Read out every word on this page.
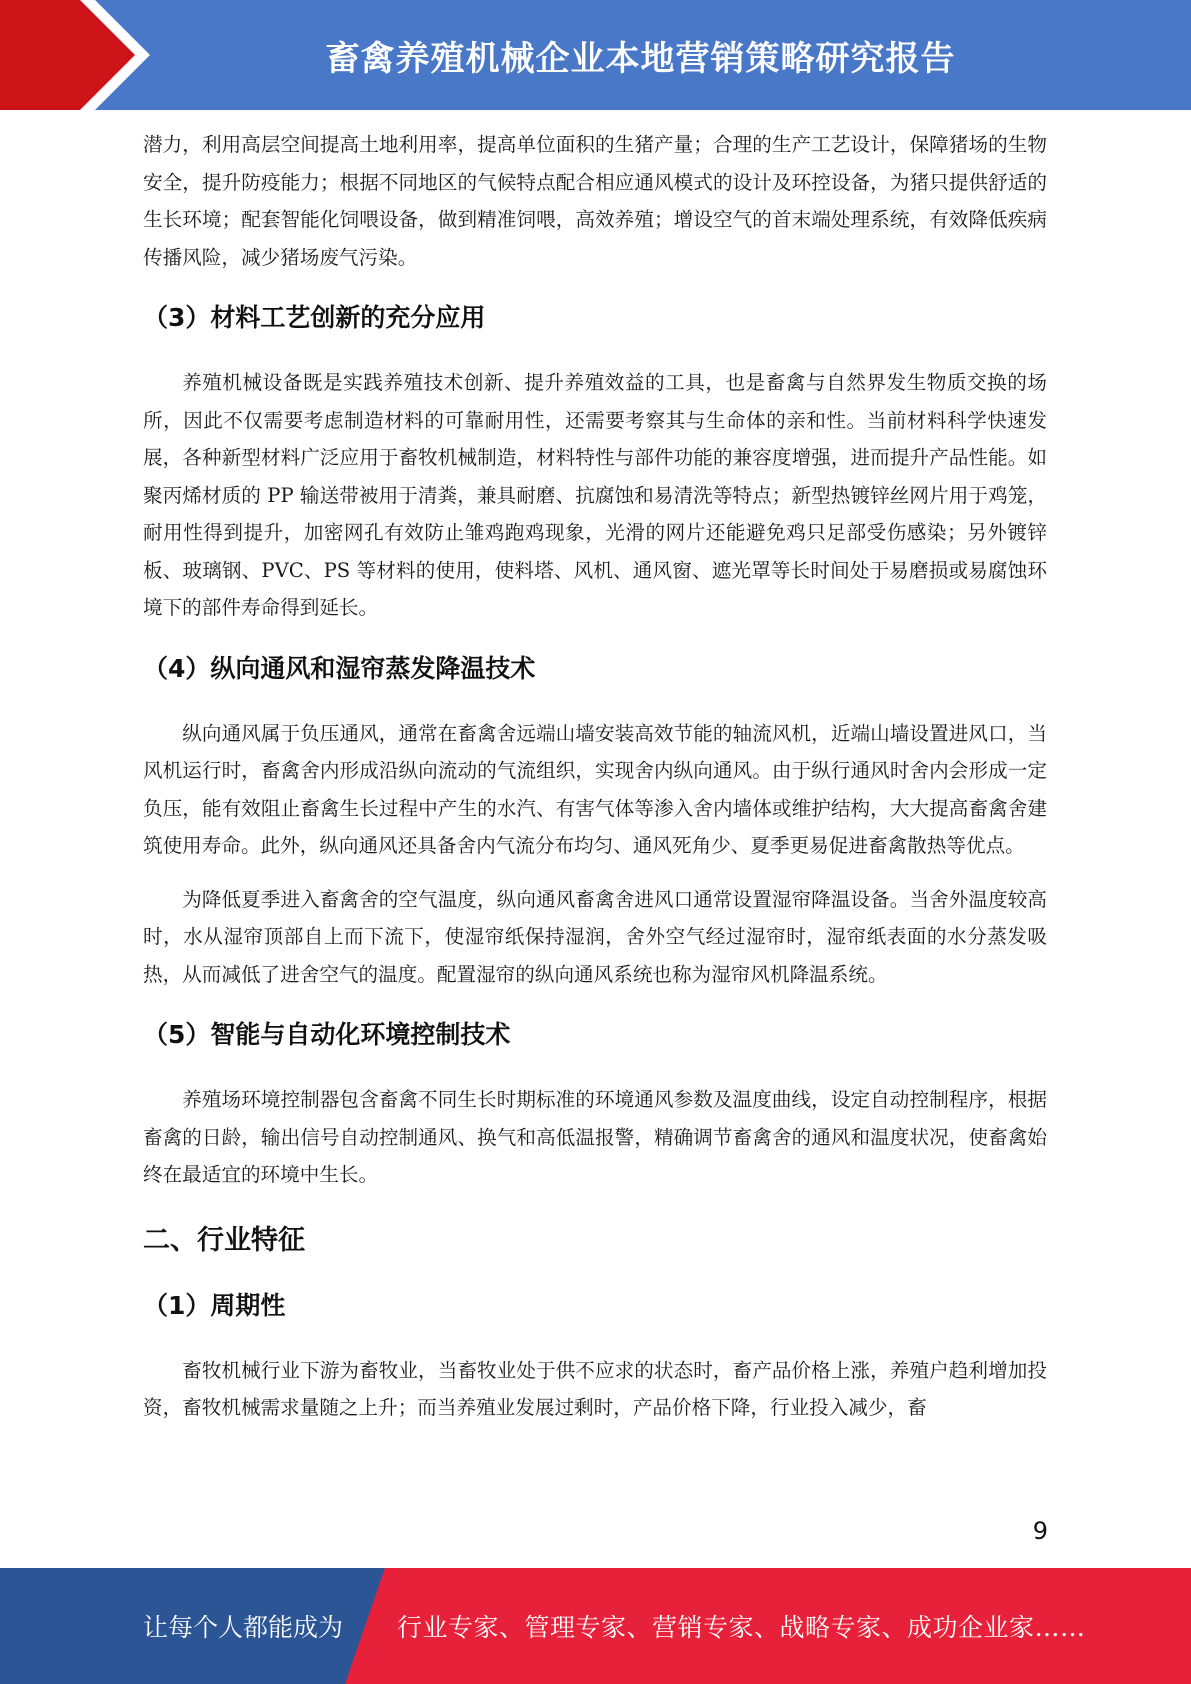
畜禽养殖机械企业本地营销策略研究报告

潜力，利用高层空间提高土地利用率，提高单位面积的生猪产量；合理的生产工艺设计，保障猪场的生物安全，提升防疫能力；根据不同地区的气候特点配合相应通风模式的设计及环控设备，为猪只提供舒适的生长环境；配套智能化饲喂设备，做到精准饲喂，高效养殖；增设空气的首末端处理系统，有效降低疾病传播风险，减少猪场废气污染。

（3）材料工艺创新的充分应用

养殖机械设备既是实践养殖技术创新、提升养殖效益的工具，也是畜禽与自然界发生物质交换的场所，因此不仅需要考虑制造材料的可靠耐用性，还需要考察其与生命体的亲和性。当前材料科学快速发展，各种新型材料广泛应用于畜牧机械制造，材料特性与部件功能的兼容度增强，进而提升产品性能。如聚丙烯材质的 PP 输送带被用于清粪，兼具耐磨、抗腐蚀和易清洗等特点；新型热镀锌丝网片用于鸡笼，耐用性得到提升，加密网孔有效防止雏鸡跑鸡现象，光滑的网片还能避免鸡只足部受伤感染；另外镀锌板、玻璃钢、PVC、PS 等材料的使用，使料塔、风机、通风窗、遮光罩等长时间处于易磨损或易腐蚀环境下的部件寿命得到延长。

（4）纵向通风和湿帘蒸发降温技术

纵向通风属于负压通风，通常在畜禽舍远端山墙安装高效节能的轴流风机，近端山墙设置进风口，当风机运行时，畜禽舍内形成沿纵向流动的气流组织，实现舍内纵向通风。由于纵行通风时舍内会形成一定负压，能有效阻止畜禽生长过程中产生的水汽、有害气体等渗入舍内墙体或维护结构，大大提高畜禽舍建筑使用寿命。此外，纵向通风还具备舍内气流分布均匀、通风死角少、夏季更易促进畜禽散热等优点。

为降低夏季进入畜禽舍的空气温度，纵向通风畜禽舍进风口通常设置湿帘降温设备。当舍外温度较高时，水从湿帘顶部自上而下流下，使湿帘纸保持湿润，舍外空气经过湿帘时，湿帘纸表面的水分蒸发吸热，从而减低了进舍空气的温度。配置湿帘的纵向通风系统也称为湿帘风机降温系统。

（5）智能与自动化环境控制技术

养殖场环境控制器包含畜禽不同生长时期标准的环境通风参数及温度曲线，设定自动控制程序，根据畜禽的日龄，输出信号自动控制通风、换气和高低温报警，精确调节畜禽舍的通风和温度状况，使畜禽始终在最适宜的环境中生长。

二、行业特征
（1）周期性

畜牧机械行业下游为畜牧业，当畜牧业处于供不应求的状态时，畜产品价格上涨，养殖户趋利增加投资，畜牧机械需求量随之上升；而当养殖业发展过剩时，产品价格下降，行业投入减少，畜

9
让每个人都能成为 行业专家、管理专家、营销专家、战略专家、成功企业家……
